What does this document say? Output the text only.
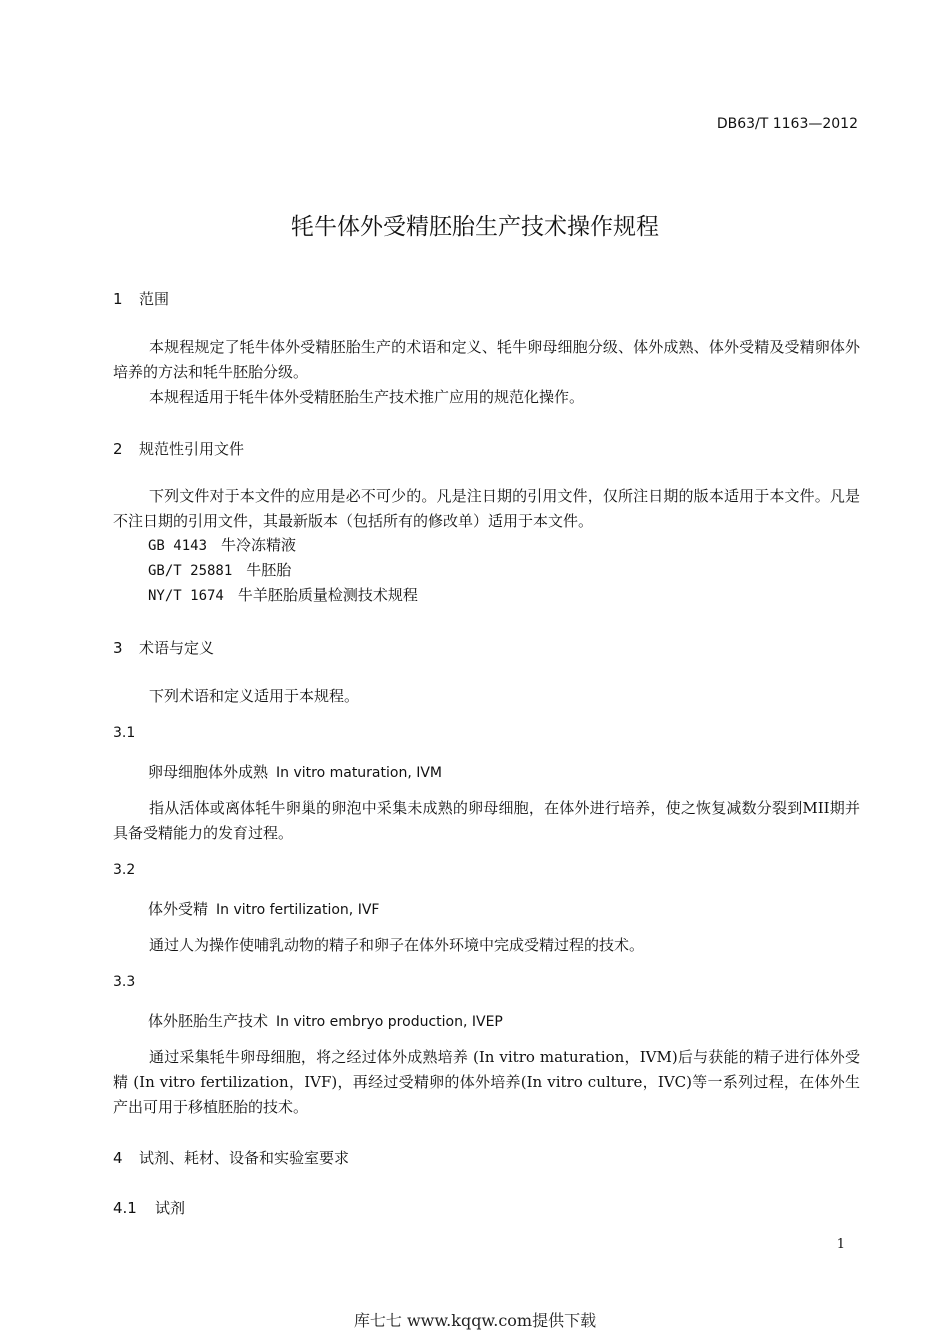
DB63/T 1163—2012
牦牛体外受精胚胎生产技术操作规程
1 范围
本规程规定了牦牛体外受精胚胎生产的术语和定义、牦牛卵母细胞分级、体外成熟、体外受精及受精卵体外培养的方法和牦牛胚胎分级。
本规程适用于牦牛体外受精胚胎生产技术推广应用的规范化操作。
2 规范性引用文件
下列文件对于本文件的应用是必不可少的。凡是注日期的引用文件，仅所注日期的版本适用于本文件。凡是不注日期的引用文件，其最新版本（包括所有的修改单）适用于本文件。
GB 4143 牛冷冻精液
GB/T 25881 牛胚胎
NY/T 1674 牛羊胚胎质量检测技术规程
3 术语与定义
下列术语和定义适用于本规程。
3.1
卵母细胞体外成熟 In vitro maturation, IVM
指从活体或离体牦牛卵巢的卵泡中采集未成熟的卵母细胞，在体外进行培养，使之恢复减数分裂到MII期并具备受精能力的发育过程。
3.2
体外受精 In vitro fertilization, IVF
通过人为操作使哺乳动物的精子和卵子在体外环境中完成受精过程的技术。
3.3
体外胚胎生产技术 In vitro embryo production, IVEP
通过采集牦牛卵母细胞，将之经过体外成熟培养 (In vitro maturation，IVM)后与获能的精子进行体外受精 (In vitro fertilization，IVF)，再经过受精卵的体外培养(In vitro culture，IVC)等一系列过程，在体外生产出可用于移植胚胎的技术。
4 试剂、耗材、设备和实验室要求
4.1 试剂
1
库七七 www.kqqw.com提供下载
